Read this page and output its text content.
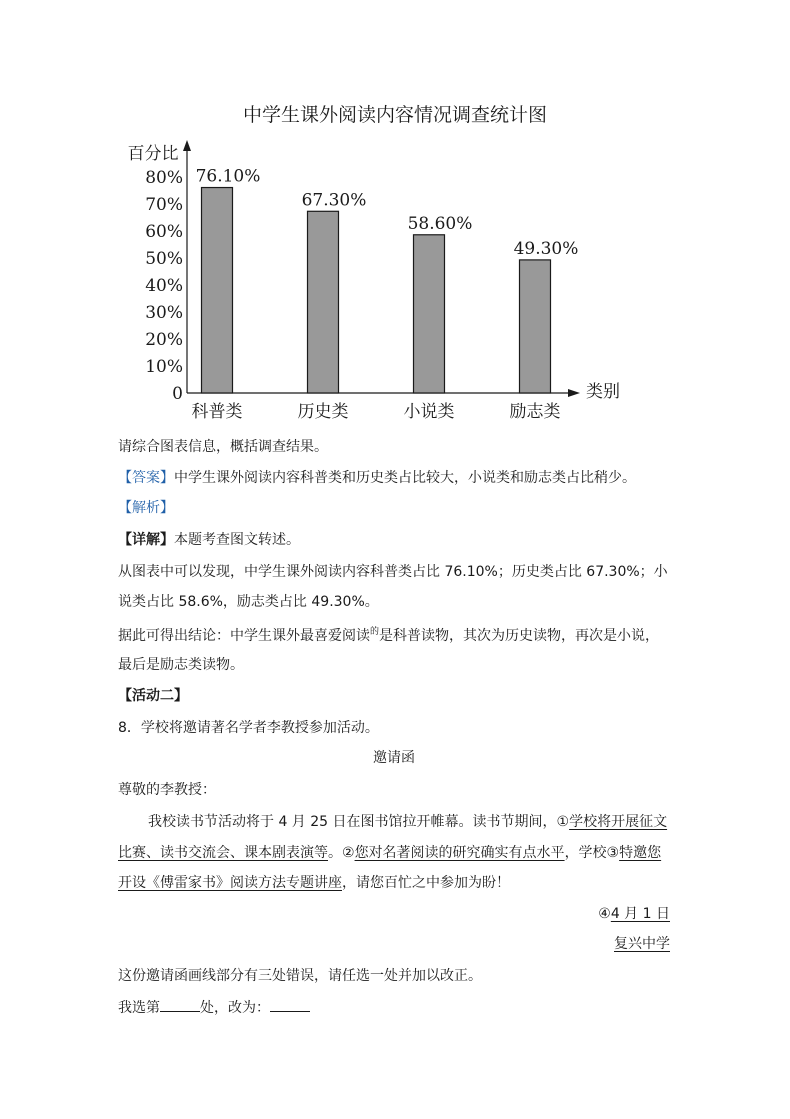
中学生课外阅读内容情况调查统计图
百分比
类别
0
10%
20%
30%
40%
50%
60%
70%
80% 76.10%
67.30%
58.60%
49.30%
科普类	历史类	小说类	励志类
请综合图表信息，概括调查结果。
【答案】中学生课外阅读内容科普类和历史类占比较大，小说类和励志类占比稍少。
【解析】
【详解】本题考查图文转述。
从图表中可以发现，中学生课外阅读内容科普类占比 76.10%；历史类占比 67.30%；小
说类占比 58.6%，励志类占比 49.30%。
据此可得出结论：中学生课外最喜爱阅读$^的$是科普读物，其次为历史读物，再次是小说，
最后是励志类读物。
【活动二】
8．学校将邀请著名学者李教授参加活动。
邀请函
尊敬的李教授：
我校读书节活动将于 4 月 25 日在图书馆拉开帷幕。读书节期间，①学校将开展征文
比赛、读书交流会、课本剧表演等。②您对名著阅读的研究确实有点水平，学校③特邀您
开设《傅雷家书》阅读方法专题讲座，请您百忙之中参加为盼！
④4 月 1 日
复兴中学
这份邀请函画线部分有三处错误，请任选一处并加以改正。
我选第	处，改为：
